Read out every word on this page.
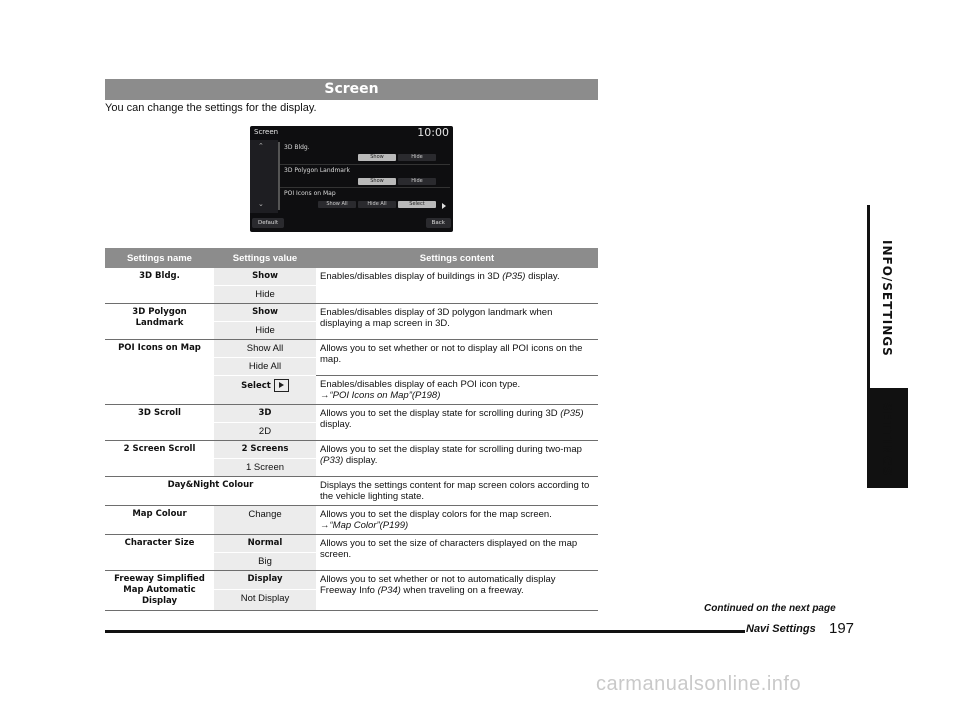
Screen
You can change the settings for the display.
Screen	10:00
⌃
⌄
3D Bldg.
Show	Hide
3D Polygon Landmark
Show	Hide
POI Icons on Map
Show All	Hide All	Select
Default	Back
Settings name	Settings value	Settings content
3D Bldg.	Show	Enables/disables display of buildings in 3D (P35) display.
	Hide	
3D Polygon Landmark	Show	Enables/disables display of 3D polygon landmark when displaying a map screen in 3D.
	Hide	
POI Icons on Map	Show All	Allows you to set whether or not to display all POI icons on the map.
	Hide All	
	Select	Enables/disables display of each POI icon type.
→“POI Icons on Map”(P198)
3D Scroll	3D	Allows you to set the display state for scrolling during 3D (P35) display.
	2D	
2 Screen Scroll	2 Screens	Allows you to set the display state for scrolling during two-map (P33) display.
	1 Screen	
Day&Night Colour		Displays the settings content for map screen colors according to the vehicle lighting state.
Map Colour	Change	Allows you to set the display colors for the map screen.
→“Map Color”(P199)
Character Size	Normal	Allows you to set the size of characters displayed on the map screen.
	Big	
Freeway Simplified Map Automatic Display	Display	Allows you to set whether or not to automatically display Freeway Info (P34) when traveling on a freeway.
	Not Display	
INFO/SETTINGS
SETTINGS
Continued on the next page
Navi Settings 197
carmanualsonline.info
